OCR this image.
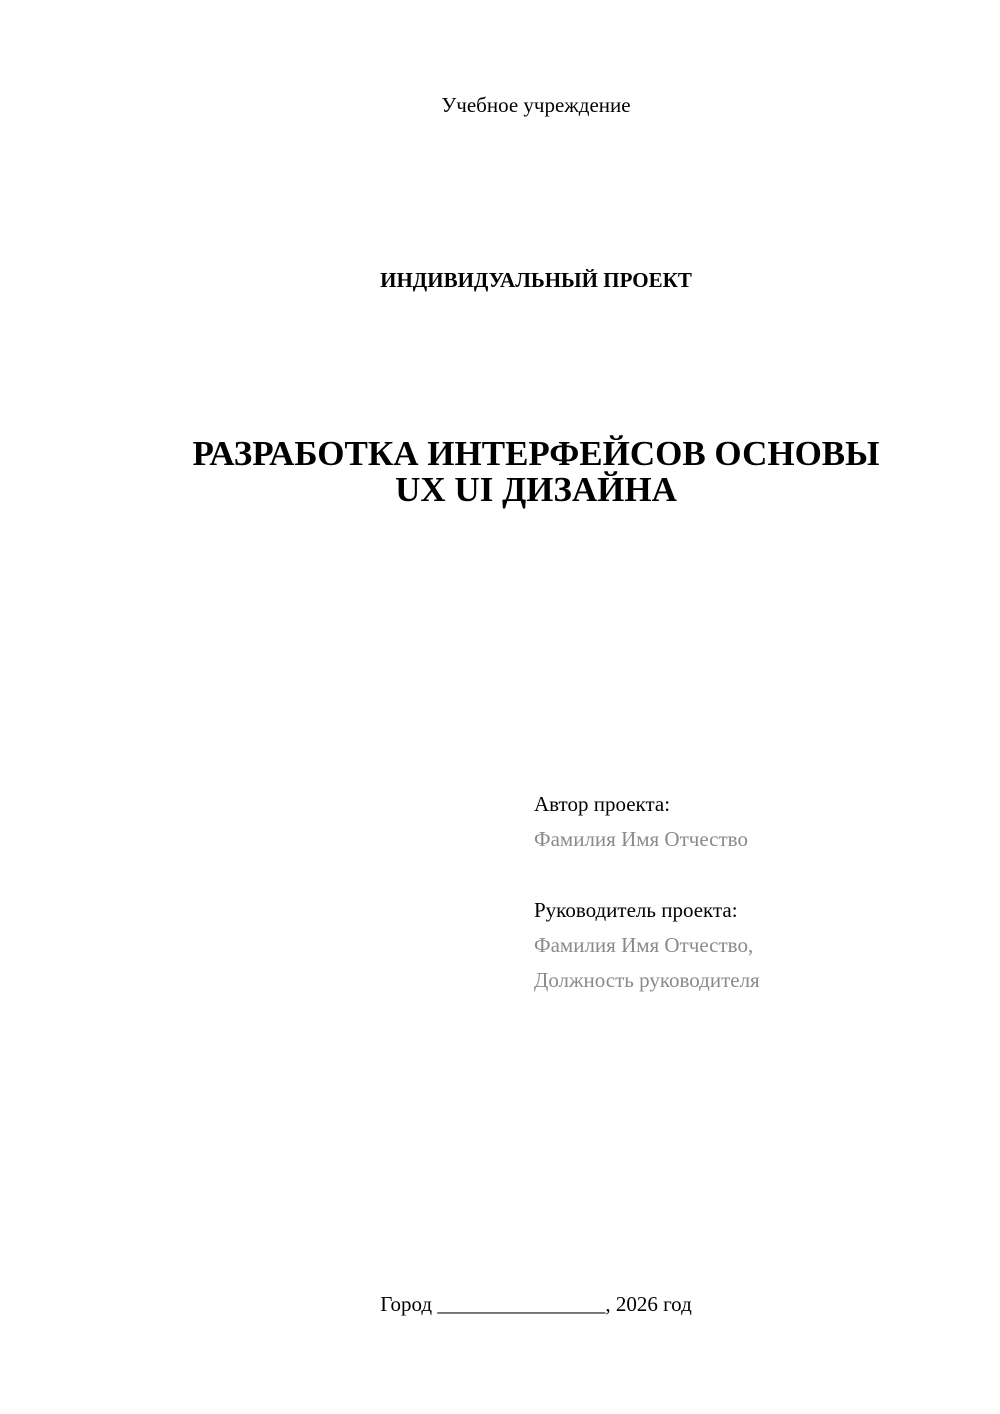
Учебное учреждение
ИНДИВИДУАЛЬНЫЙ ПРОЕКТ
РАЗРАБОТКА ИНТЕРФЕЙСОВ ОСНОВЫ
UX UI ДИЗАЙНА
Автор проекта:
Фамилия Имя Отчество
Руководитель проекта:
Фамилия Имя Отчество,
Должность руководителя
Город ________________, 2026 год
